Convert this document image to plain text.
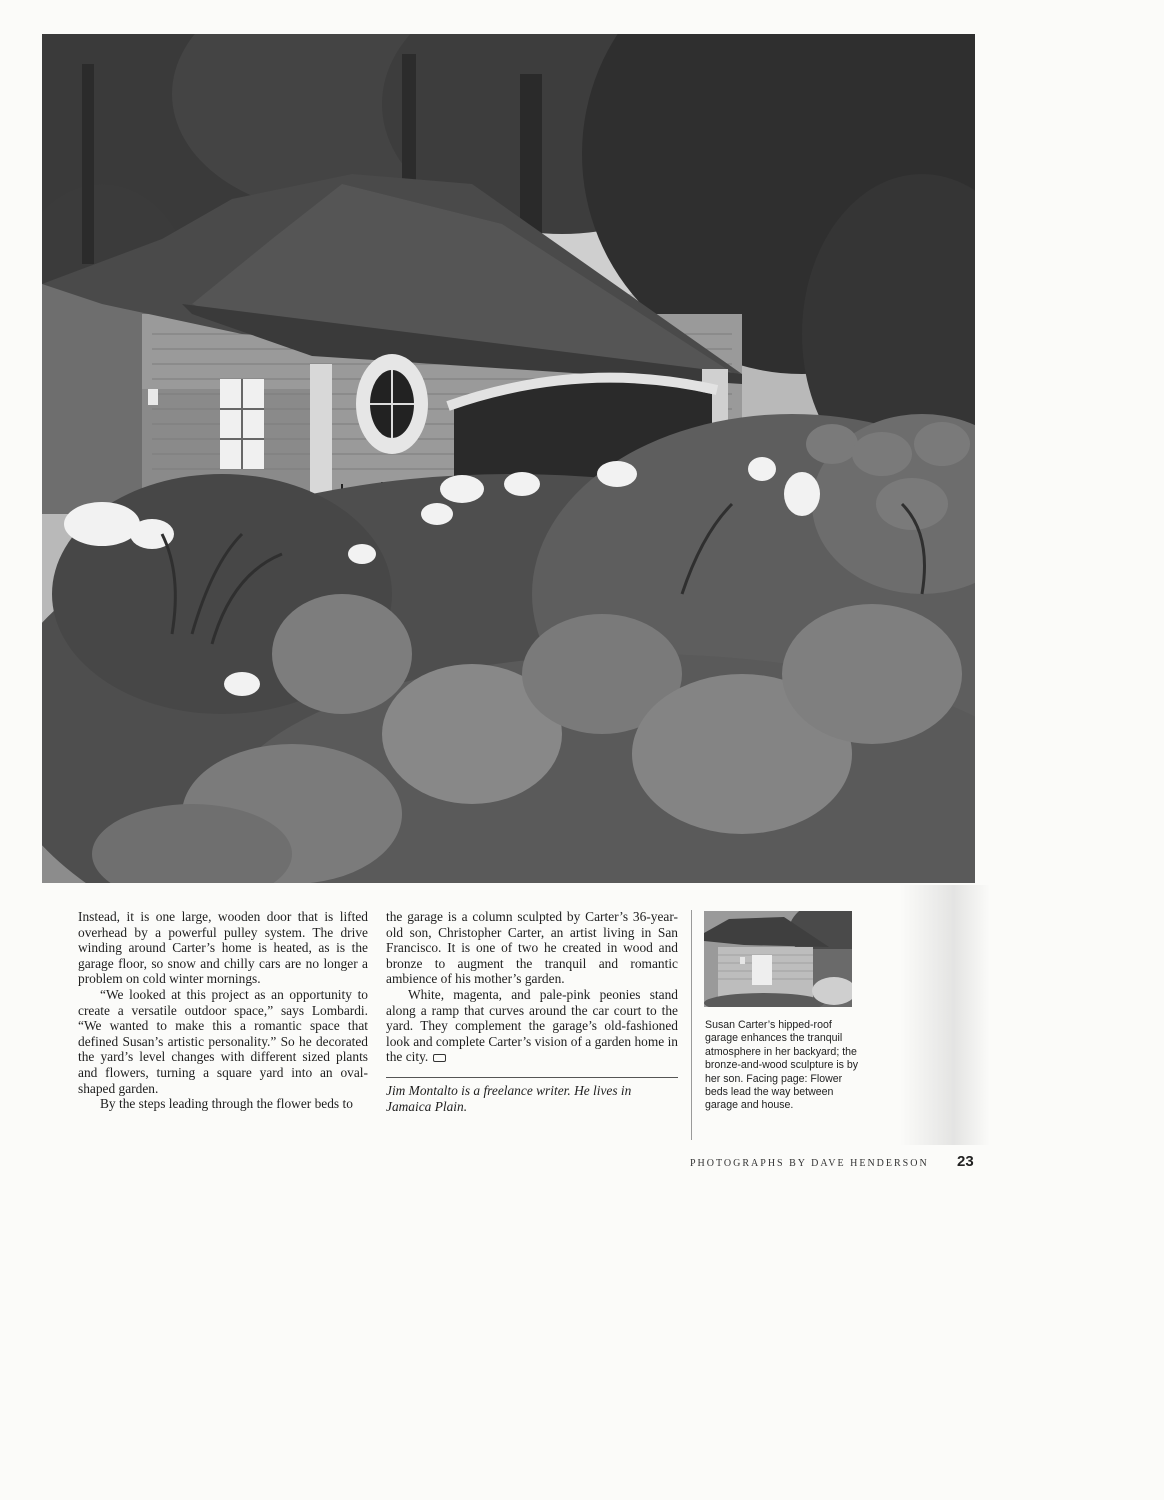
Instead, it is one large, wooden door that is lifted overhead by a powerful pulley system. The drive winding around Carter’s home is heated, as is the garage floor, so snow and chilly cars are no longer a problem on cold winter mornings.

“We looked at this project as an opportunity to create a versatile outdoor space,” says Lombardi. “We wanted to make this a romantic space that defined Susan’s artistic personality.” So he decorated the yard’s level changes with different sized plants and flowers, turning a square yard into an oval-shaped garden.

By the steps leading through the flower beds to

the garage is a column sculpted by Carter’s 36-year-old son, Christopher Carter, an artist living in San Francisco. It is one of two he created in wood and bronze to augment the tranquil and romantic ambience of his mother’s garden.

White, magenta, and pale-pink peonies stand along a ramp that curves around the car court to the yard. They complement the garage’s old-fashioned look and complete Carter’s vision of a garden home in the city.

Jim Montalto is a freelance writer. He lives in Jamaica Plain.
Susan Carter’s hipped-roof garage enhances the tranquil atmosphere in her backyard; the bronze-and-wood sculpture is by her son. Facing page: Flower beds lead the way between garage and house.
PHOTOGRAPHS BY DAVE HENDERSON 23
